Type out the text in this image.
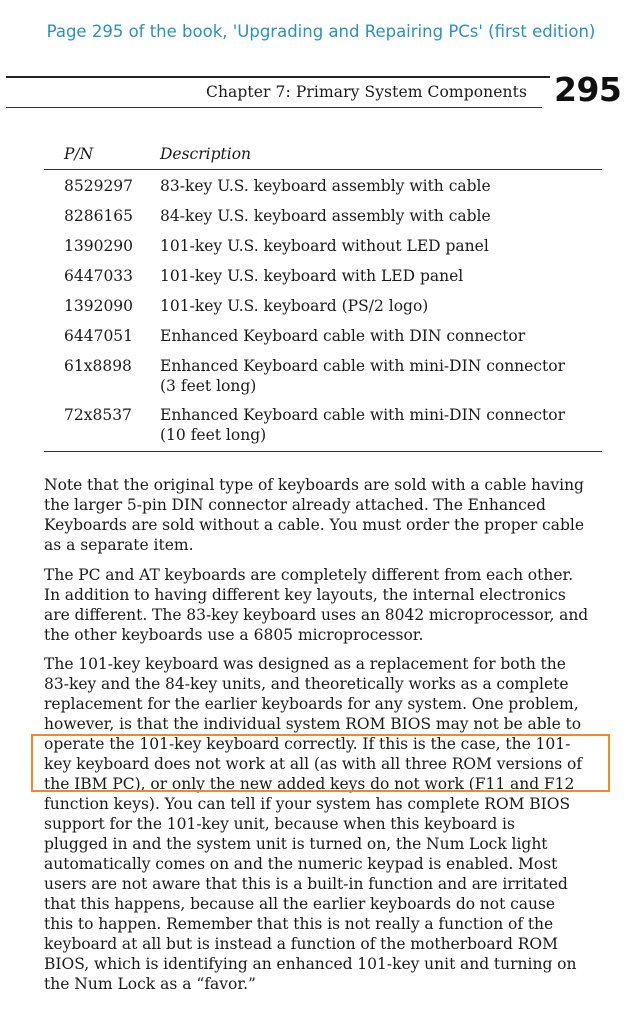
Page 295 of the book, 'Upgrading and Repairing PCs' (first edition)
Chapter 7: Primary System Components 295
P/N	Description
8529297 83-key U.S. keyboard assembly with cable
8286165 84-key U.S. keyboard assembly with cable
1390290 101-key U.S. keyboard without LED panel
6447033 101-key U.S. keyboard with LED panel
1392090 101-key U.S. keyboard (PS/2 logo)
6447051 Enhanced Keyboard cable with DIN connector
61x8898 Enhanced Keyboard cable with mini-DIN connector
(3 feet long)
72x8537 Enhanced Keyboard cable with mini-DIN connector
(10 feet long)

Note that the original type of keyboards are sold with a cable having
the larger 5-pin DIN connector already attached. The Enhanced
Keyboards are sold without a cable. You must order the proper cable
as a separate item.

The PC and AT keyboards are completely different from each other.
In addition to having different key layouts, the internal electronics
are different. The 83-key keyboard uses an 8042 microprocessor, and
the other keyboards use a 6805 microprocessor.

The 101-key keyboard was designed as a replacement for both the
83-key and the 84-key units, and theoretically works as a complete
replacement for the earlier keyboards for any system. One problem,
however, is that the individual system ROM BIOS may not be able to
operate the 101-key keyboard correctly. If this is the case, the 101-
key keyboard does not work at all (as with all three ROM versions of
the IBM PC), or only the new added keys do not work (F11 and F12
function keys). You can tell if your system has complete ROM BIOS
support for the 101-key unit, because when this keyboard is
plugged in and the system unit is turned on, the Num Lock light
automatically comes on and the numeric keypad is enabled. Most
users are not aware that this is a built-in function and are irritated
that this happens, because all the earlier keyboards do not cause
this to happen. Remember that this is not really a function of the
keyboard at all but is instead a function of the motherboard ROM
BIOS, which is identifying an enhanced 101-key unit and turning on
the Num Lock as a “favor.”
